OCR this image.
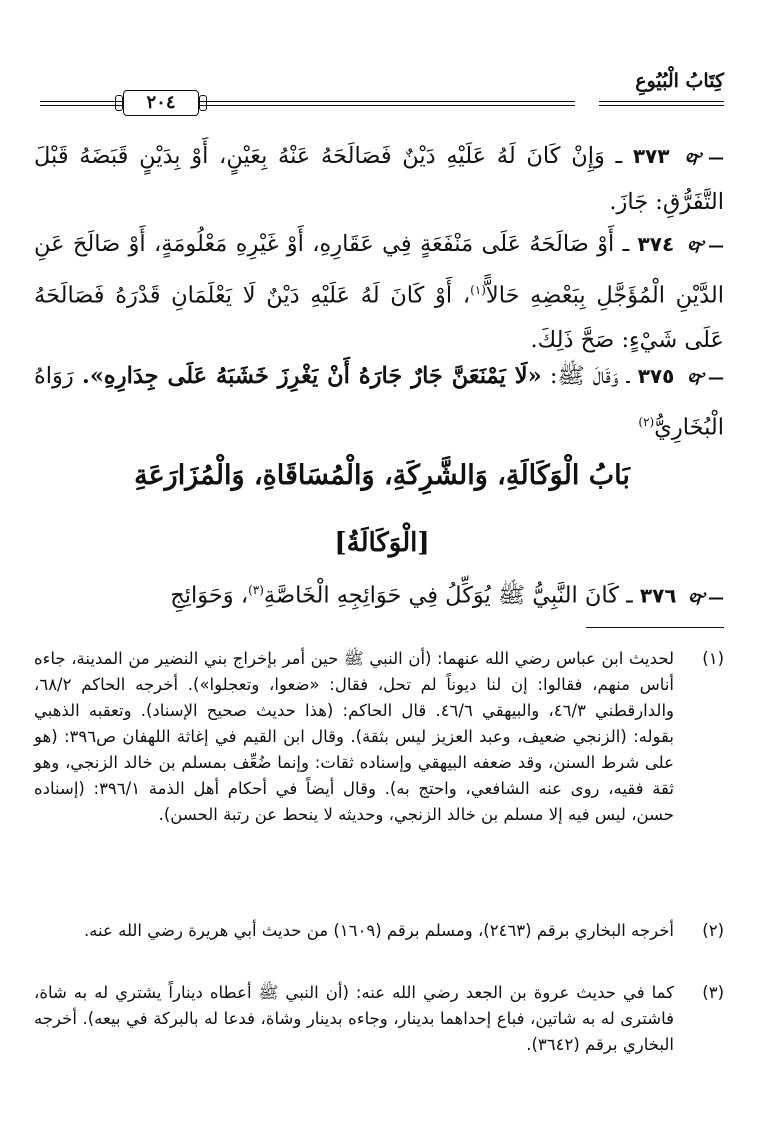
كِتَابُ الْبُيُوعِ
٢٠٤
—🙰 ٣٧٣ ـ وَإِنْ كَانَ لَهُ عَلَيْهِ دَيْنٌ فَصَالَحَهُ عَنْهُ بِعَيْنٍ، أَوْ بِدَيْنٍ قَبَضَهُ قَبْلَ التَّفَرُّقِ: جَازَ.
—🙰 ٣٧٤ ـ أَوْ صَالَحَهُ عَلَى مَنْفَعَةٍ فِي عَقَارِهِ، أَوْ غَيْرِهِ مَعْلُومَةٍ، أَوْ صَالَحَ عَنِ الدَّيْنِ الْمُؤَجَّلِ بِبَعْضِهِ حَالاًّ$^{(١)}$، أَوْ كَانَ لَهُ عَلَيْهِ دَيْنٌ لَا يَعْلَمَانِ قَدْرَهُ فَصَالَحَهُ عَلَى شَيْءٍ: صَحَّ ذَلِكَ.
—🙰 ٣٧٥ ـ وَقَالَ ﷺ: «لَا يَمْنَعَنَّ جَارٌ جَارَهُ أَنْ يَغْرِزَ خَشَبَهُ عَلَى جِدَارِهِ». رَوَاهُ الْبُخَارِيُّ$^{(٢)}$
بَابُ الْوَكَالَةِ، وَالشَّرِكَةِ، وَالْمُسَاقَاةِ، وَالْمُزَارَعَةِ
[الْوَكَالَةُ]
—🙰 ٣٧٦ ـ كَانَ النَّبِيُّ ﷺ يُوَكِّلُ فِي حَوَائِجِهِ الْخَاصَّةِ$^{(٣)}$، وَحَوَائِجِ
(١)
لحديث ابن عباس رضي الله عنهما: (أن النبي ﷺ حين أمر بإخراج بني النضير من المدينة، جاءه أناس منهم، فقالوا: إن لنا ديوناً لم تحل، فقال: «ضعوا، وتعجلوا»). أخرجه الحاكم ٦٨/٢، والدارقطني ٤٦/٣، والبيهقي ٤٦/٦. قال الحاكم: (هذا حديث صحيح الإسناد). وتعقبه الذهبي بقوله: (الزنجي ضعيف، وعبد العزيز ليس بثقة). وقال ابن القيم في إغاثة اللهفان ص٣٩٦: (هو على شرط السنن، وقد ضعفه البيهقي وإسناده ثقات: وإنما ضُعِّف بمسلم بن خالد الزنجي، وهو ثقة فقيه، روى عنه الشافعي، واحتج به). وقال أيضاً في أحكام أهل الذمة ٣٩٦/١: (إسناده حسن، ليس فيه إلا مسلم بن خالد الزنجي، وحديثه لا ينحط عن رتبة الحسن).
(٢)
أخرجه البخاري برقم (٢٤٦٣)، ومسلم برقم (١٦٠٩) من حديث أبي هريرة رضي الله عنه.
(٣)
كما في حديث عروة بن الجعد رضي الله عنه: (أن النبي ﷺ أعطاه ديناراً يشتري له به شاة، فاشترى له به شاتين، فباع إحداهما بدينار، وجاءه بدينار وشاة، فدعا له بالبركة في بيعه). أخرجه البخاري برقم (٣٦٤٢).
